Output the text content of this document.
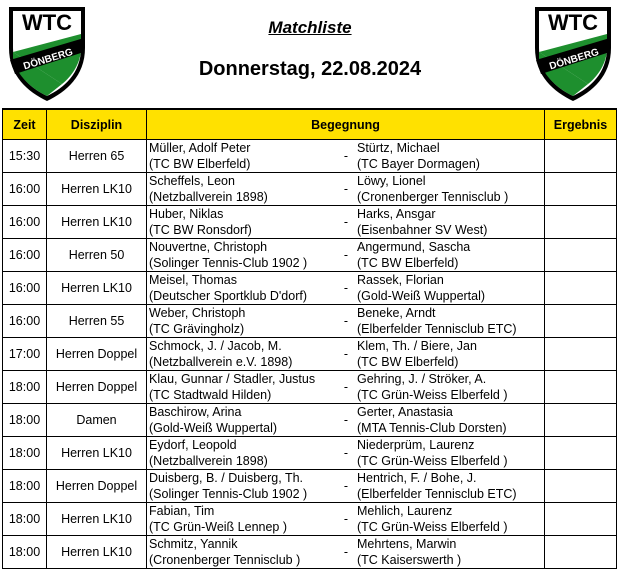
WTC
DÖNBERG
WTC
DÖNBERG
Matchliste
Donnerstag, 22.08.2024
Zeit	Disziplin	Begegnung	Ergebnis
15:30	Herren 65	Müller, Adolf Peter
(TC BW Elberfeld)
-
Stürtz, Michael
(TC Bayer Dormagen)	

16:00	Herren LK10	Scheffels, Leon
(Netzballverein 1898)
-
Löwy, Lionel
(Cronenberger Tennisclub )	

16:00	Herren LK10	Huber, Niklas
(TC BW Ronsdorf)
-
Harks, Ansgar
(Eisenbahner SV West)	

16:00	Herren 50	Nouvertne, Christoph
(Solinger Tennis-Club 1902 )
-
Angermund, Sascha
(TC BW Elberfeld)	

16:00	Herren LK10	Meisel, Thomas
(Deutscher Sportklub D'dorf)
-
Rassek, Florian
(Gold-Weiß Wuppertal)	

16:00	Herren 55	Weber, Christoph
(TC Grävingholz)
-
Beneke, Arndt
(Elberfelder Tennisclub ETC)	

17:00	Herren Doppel	Schmock, J. / Jacob, M.
(Netzballverein e.V. 1898)
-
Klem, Th. / Biere, Jan
(TC BW Elberfeld)	

18:00	Herren Doppel	Klau, Gunnar / Stadler, Justus
(TC Stadtwald Hilden)
-
Gehring, J. / Ströker, A.
(TC Grün-Weiss Elberfeld )	

18:00	Damen	Baschirow, Arina
(Gold-Weiß Wuppertal)
-
Gerter, Anastasia
(MTA Tennis-Club Dorsten)	

18:00	Herren LK10	Eydorf, Leopold
(Netzballverein 1898)
-
Niederprüm, Laurenz
(TC Grün-Weiss Elberfeld )	

18:00	Herren Doppel	Duisberg, B. / Duisberg, Th.
(Solinger Tennis-Club 1902 )
-
Hentrich, F. / Bohe, J.
(Elberfelder Tennisclub ETC)	

18:00	Herren LK10	Fabian, Tim
(TC Grün-Weiß Lennep )
-
Mehlich, Laurenz
(TC Grün-Weiss Elberfeld )	

18:00	Herren LK10	Schmitz, Yannik
(Cronenberger Tennisclub )
-
Mehrtens, Marwin
(TC Kaiserswerth )	
